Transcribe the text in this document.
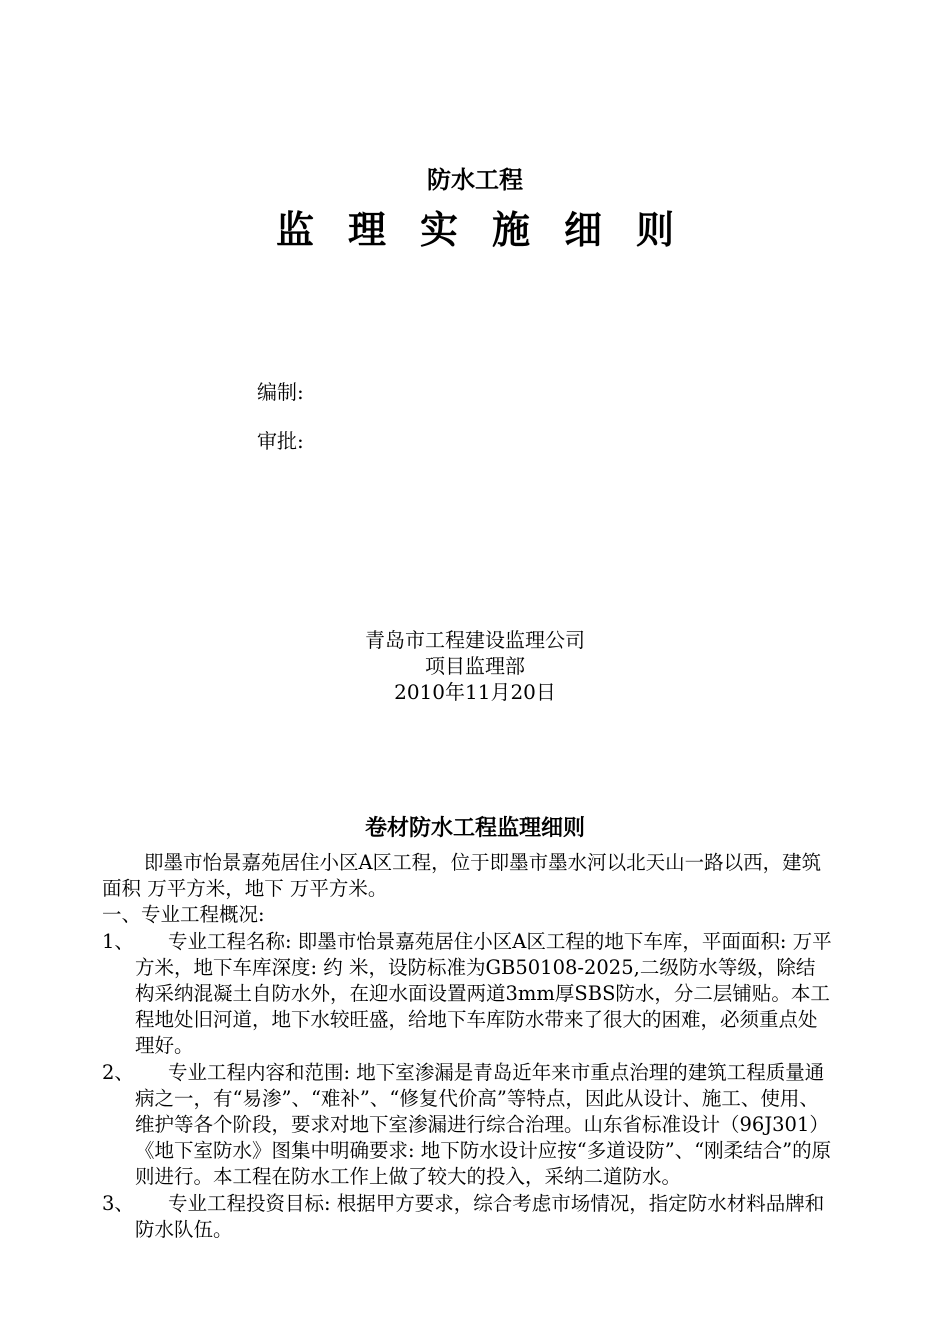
防水工程
监理实施细则
编制:
审批:
青岛市工程建设监理公司
项目监理部
2010年11月20日
卷材防水工程监理细则

即墨市怡景嘉苑居住小区A区工程，位于即墨市墨水河以北天山一路以西，建筑面积 万平方米，地下 万平方米。

一、专业工程概况:

1、	专业工程名称: 即墨市怡景嘉苑居住小区A区工程的地下车库，平面面积: 万平方米，地下车库深度: 约 米，设防标准为GB50108-2025,二级防水等级，除结构采纳混凝土自防水外，在迎水面设置两道3mm厚SBS防水，分二层铺贴。本工程地处旧河道，地下水较旺盛，给地下车库防水带来了很大的困难，必须重点处理好。

2、	专业工程内容和范围: 地下室渗漏是青岛近年来市重点治理的建筑工程质量通病之一，有“易渗”、“难补”、“修复代价高”等特点，因此从设计、施工、使用、维护等各个阶段，要求对地下室渗漏进行综合治理。山东省标准设计（96J301）《地下室防水》图集中明确要求: 地下防水设计应按“多道设防”、“刚柔结合”的原则进行。本工程在防水工作上做了较大的投入，采纳二道防水。

3、	专业工程投资目标: 根据甲方要求，综合考虑市场情况，指定防水材料品牌和防水队伍。
